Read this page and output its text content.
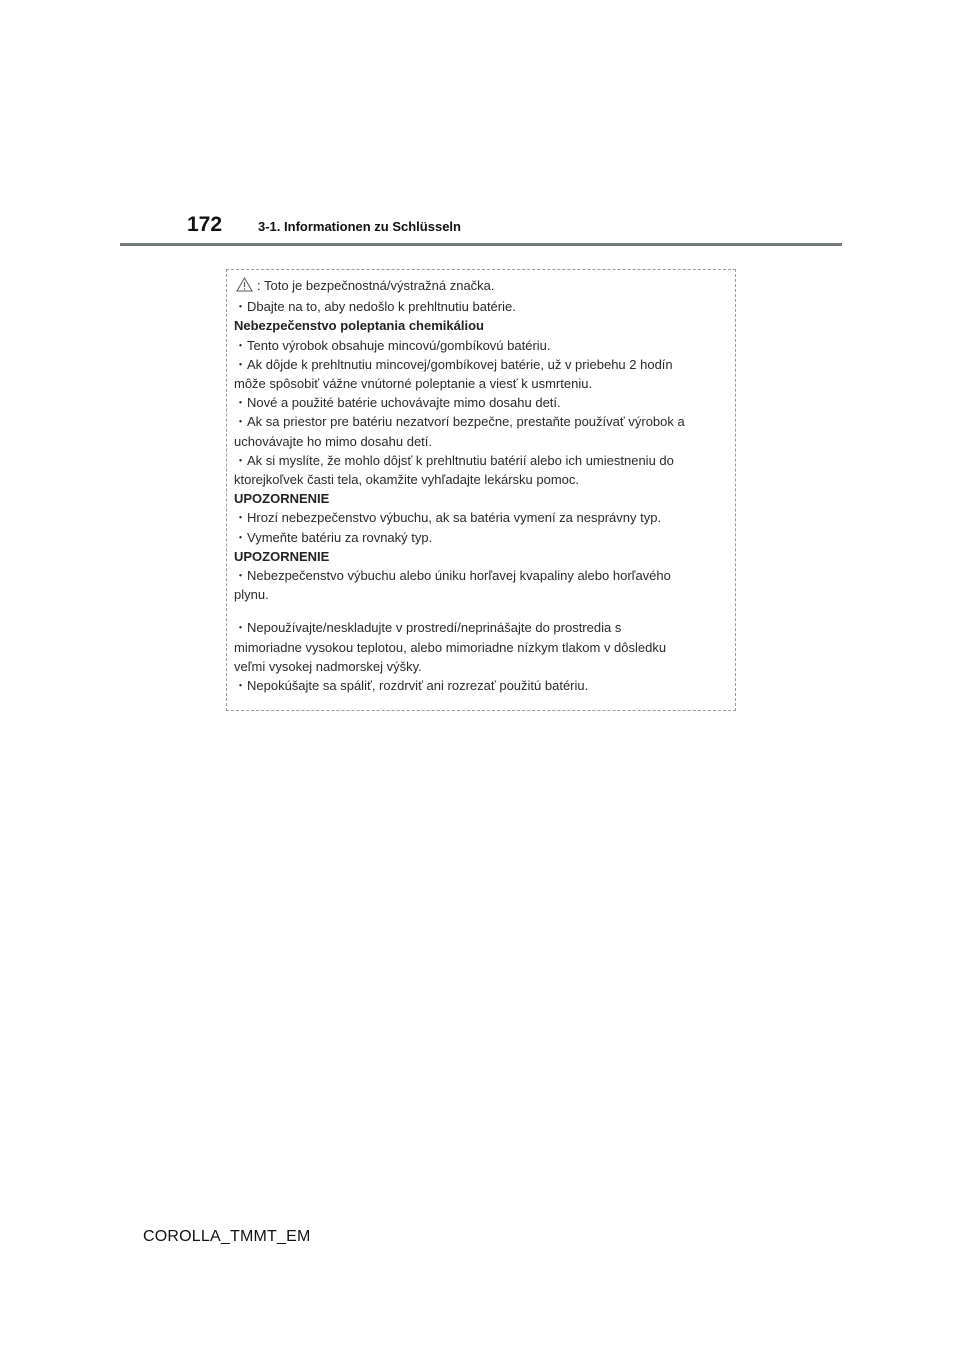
172	3-1. Informationen zu Schlüsseln
: Toto je bezpečnostná/výstražná značka.
・Dbajte na to, aby nedošlo k prehltnutiu batérie.
Nebezpečenstvo poleptania chemikáliou
・Tento výrobok obsahuje mincovú/gombíkovú batériu.
・Ak dôjde k prehltnutiu mincovej/gombíkovej batérie, už v priebehu 2 hodín
môže spôsobiť vážne vnútorné poleptanie a viesť k usmrteniu.
・Nové a použité batérie uchovávajte mimo dosahu detí.
・Ak sa priestor pre batériu nezatvorí bezpečne, prestaňte používať výrobok a
uchovávajte ho mimo dosahu detí.
・Ak si myslíte, že mohlo dôjsť k prehltnutiu batérií alebo ich umiestneniu do
ktorejkoľvek časti tela, okamžite vyhľadajte lekársku pomoc.
UPOZORNENIE
・Hrozí nebezpečenstvo výbuchu, ak sa batéria vymení za nesprávny typ.
・Vymeňte batériu za rovnaký typ.
UPOZORNENIE
・Nebezpečenstvo výbuchu alebo úniku horľavej kvapaliny alebo horľavého
plynu.
・Nepoužívajte/neskladujte v prostredí/neprinášajte do prostredia s
mimoriadne vysokou teplotou, alebo mimoriadne nízkym tlakom v dôsledku
veľmi vysokej nadmorskej výšky.
・Nepokúšajte sa spáliť, rozdrviť ani rozrezať použitú batériu.
COROLLA_TMMT_EM
